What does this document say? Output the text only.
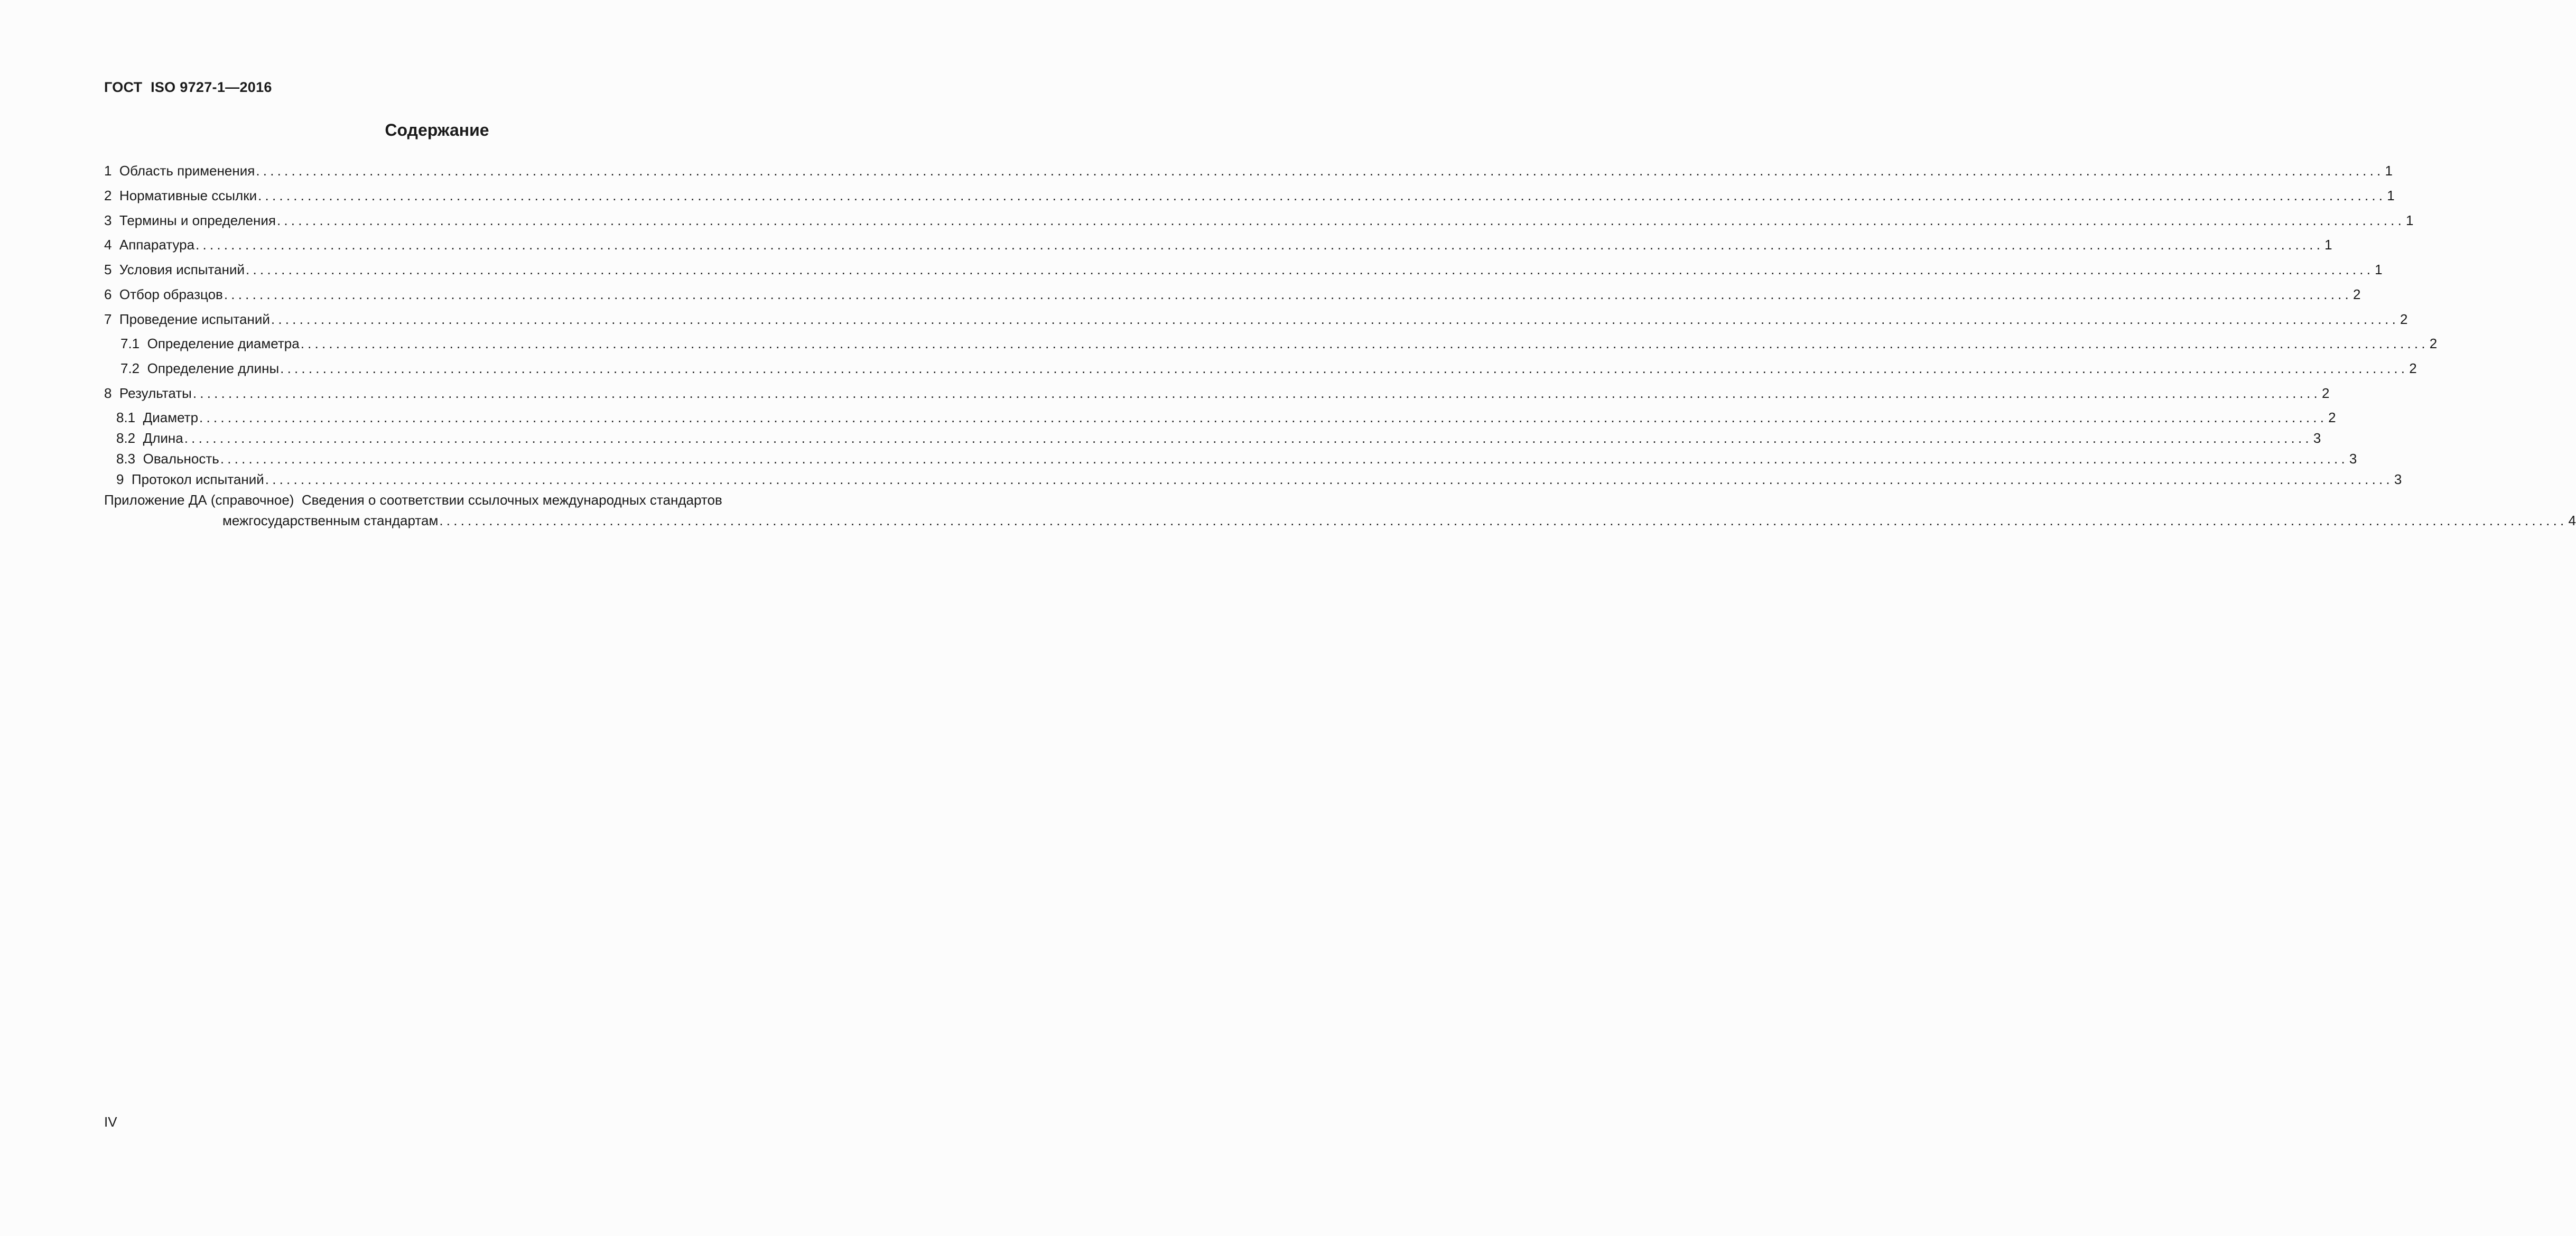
ГОСТ  ISO 9727-1—2016
Содержание
1
Область применения ............................................................................................................................................................................................................................................................................................................ 1
2
Нормативные ссылки ............................................................................................................................................................................................................................................................................................................ 1
3
Термины и определения ............................................................................................................................................................................................................................................................................................................ 1
4
Аппаратура ............................................................................................................................................................................................................................................................................................................ 1
5
Условия испытаний ............................................................................................................................................................................................................................................................................................................ 1
6
Отбор образцов ............................................................................................................................................................................................................................................................................................................ 2
7
Проведение испытаний ............................................................................................................................................................................................................................................................................................................ 2
7.1
Определение диаметра ............................................................................................................................................................................................................................................................................................................ 2
7.2
Определение длины ............................................................................................................................................................................................................................................................................................................ 2
8
Результаты ............................................................................................................................................................................................................................................................................................................ 2
8.1
Диаметр ............................................................................................................................................................................................................................................................................................................ 2
8.2
Длина ............................................................................................................................................................................................................................................................................................................ 3
8.3
Овальность ............................................................................................................................................................................................................................................................................................................ 3
9
Протокол испытаний ............................................................................................................................................................................................................................................................................................................ 3
Приложение ДА (справочное) Сведения о соответствии ссылочных международных стандартов
межгосударственным стандартам ............................................................................................................................................................................................................................................................................................................ 4
IV
